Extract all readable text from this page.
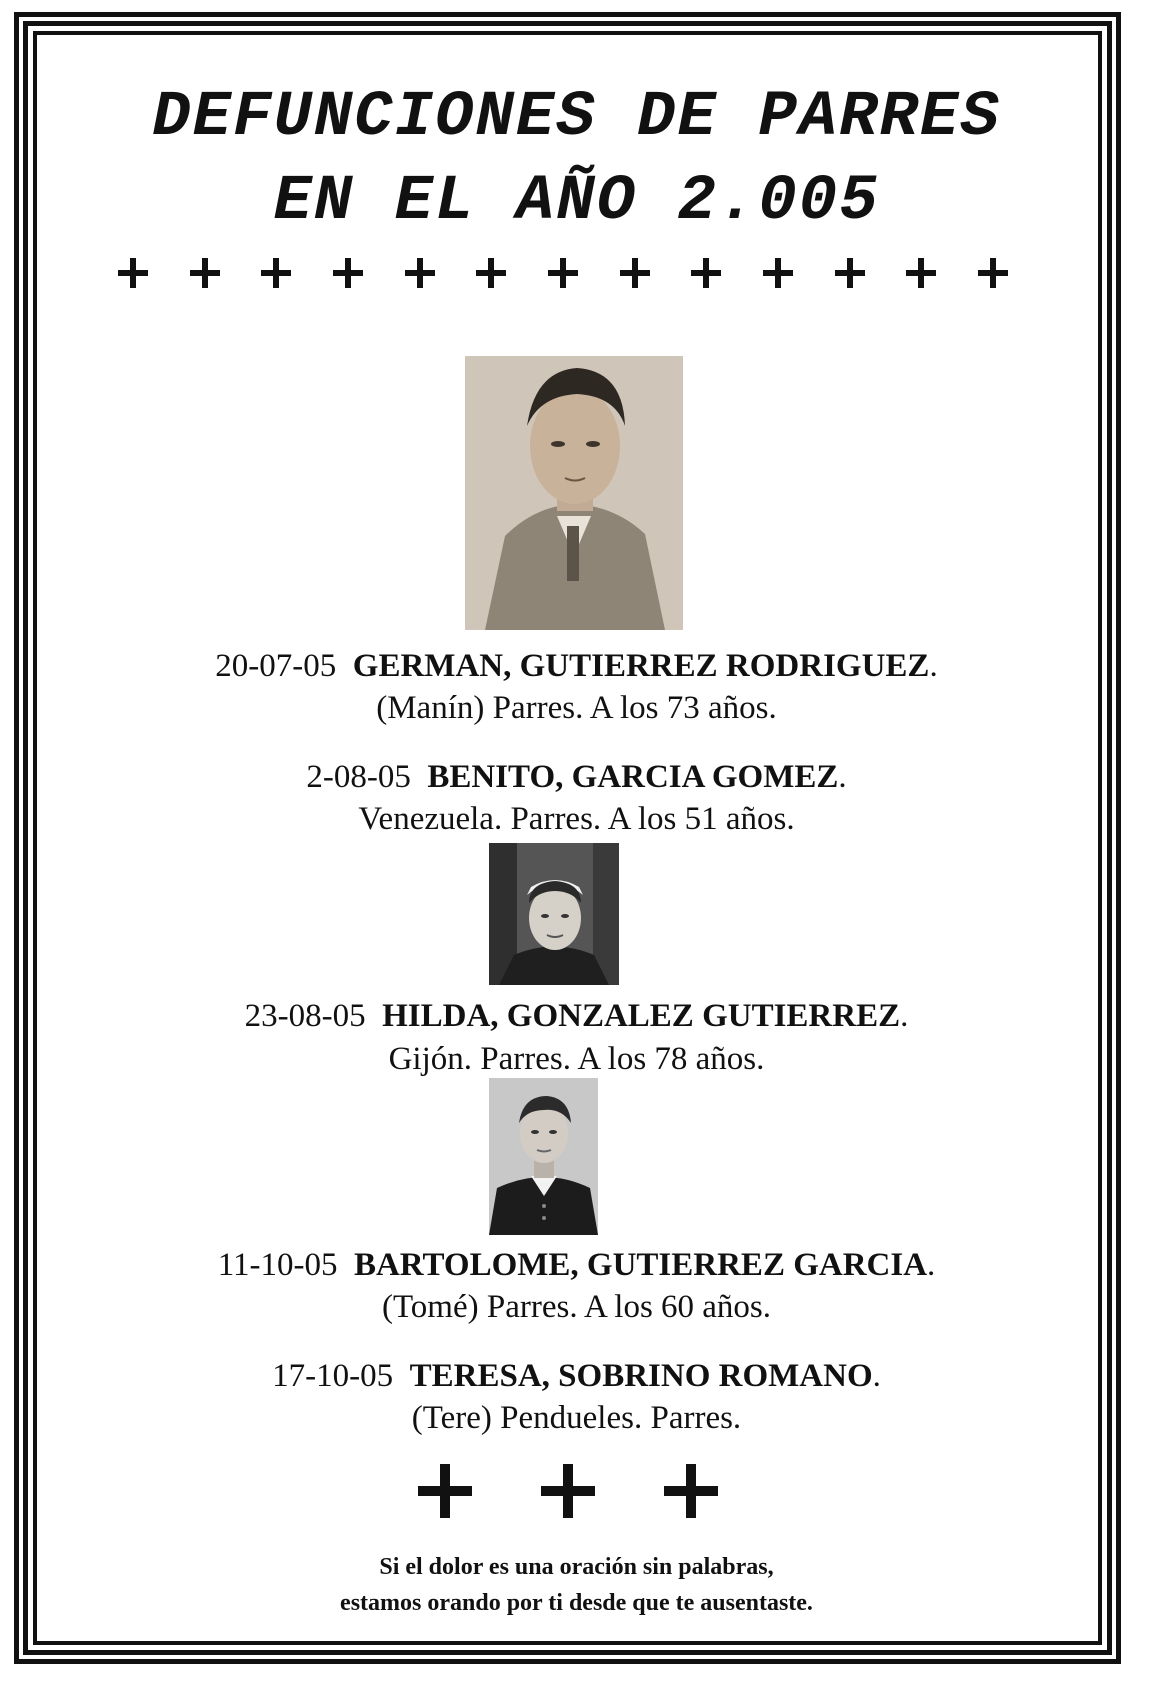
DEFUNCIONES DE PARRES
EN EL AÑO 2.005
20-07-05 GERMAN, GUTIERREZ RODRIGUEZ.
(Manín) Parres. A los 73 años.
2-08-05 BENITO, GARCIA GOMEZ.
Venezuela. Parres. A los 51 años.
23-08-05 HILDA, GONZALEZ GUTIERREZ.
Gijón. Parres. A los 78 años.
11-10-05 BARTOLOME, GUTIERREZ GARCIA.
(Tomé) Parres. A los 60 años.
17-10-05 TERESA, SOBRINO ROMANO.
(Tere) Pendueles. Parres.
Si el dolor es una oración sin palabras,
estamos orando por ti desde que te ausentaste.
